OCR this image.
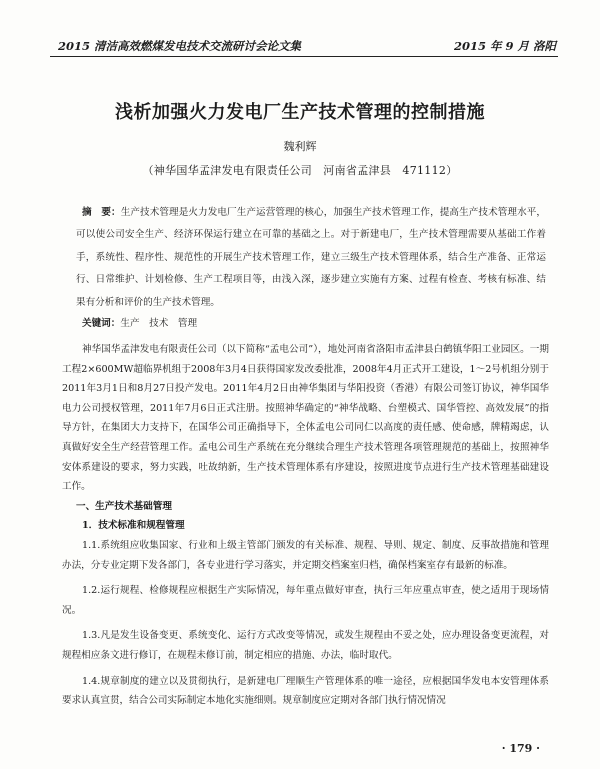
2015 清洁高效燃煤发电技术交流研讨会论文集	2015 年 9 月 洛阳
浅析加强火力发电厂生产技术管理的控制措施
魏利辉
（神华国华孟津发电有限责任公司　河南省孟津县　471112）
摘　要：生产技术管理是火力发电厂生产运营管理的核心，加强生产技术管理工作，提高生产技术管理水平，可以使公司安全生产、经济环保运行建立在可靠的基础之上。对于新建电厂，生产技术管理需要从基础工作着手，系统性、程序性、规范性的开展生产技术管理工作，建立三级生产技术管理体系，结合生产准备、正常运行、日常维护、计划检修、生产工程项目等，由浅入深，逐步建立实施有方案、过程有检查、考核有标准、结果有分析和评价的生产技术管理。
关键词：生产　技术　管理

神华国华孟津发电有限责任公司（以下简称“孟电公司”），地处河南省洛阳市孟津县白鹤镇华阳工业园区。一期工程2×600MW超临界机组于2008年3月4日获得国家发改委批准，2008年4月正式开工建设，1～2号机组分别于2011年3月1日和8月27日投产发电。2011年4月2日由神华集团与华阳投资（香港）有限公司签订协议，神华国华电力公司授权管理，2011年7月6日正式注册。按照神华确定的“神华战略、台塑模式、国华管控、高效发展”的指导方针，在集团大力支持下，在国华公司正确指导下，全体孟电公司同仁以高度的责任感、使命感，牌精竭虑，认真做好安全生产经营管理工作。孟电公司生产系统在充分继续合理生产技术管理各项管理规范的基础上，按照神华安体系建设的要求，努力实践，吐故纳新，生产技术管理体系有序建设，按照进度节点进行生产技术管理基础建设工作。

一、生产技术基础管理

1．技术标准和规程管理

1.1.系统组应收集国家、行业和上级主管部门颁发的有关标准、规程、导则、规定、制度、反事故措施和管理办法，分专业定期下发各部门，各专业进行学习落实，并定期交档案室归档，确保档案室存有最新的标准。

1.2.运行规程、检修规程应根据生产实际情况，每年重点做好审查，执行三年应重点审查，使之适用于现场情况。

1.3.凡是发生设备变更、系统变化、运行方式改变等情况，或发生规程由不妥之处，应办理设备变更流程，对规程相应条文进行修订，在规程未修订前，制定相应的措施、办法，临时取代。

1.4.规章制度的建立以及贯彻执行，是新建电厂理顺生产管理体系的唯一途径，应根据国华发电本安管理体系要求认真宣贯，结合公司实际制定本地化实施细则。规章制度应定期对各部门执行情况情况

· 179 ·
